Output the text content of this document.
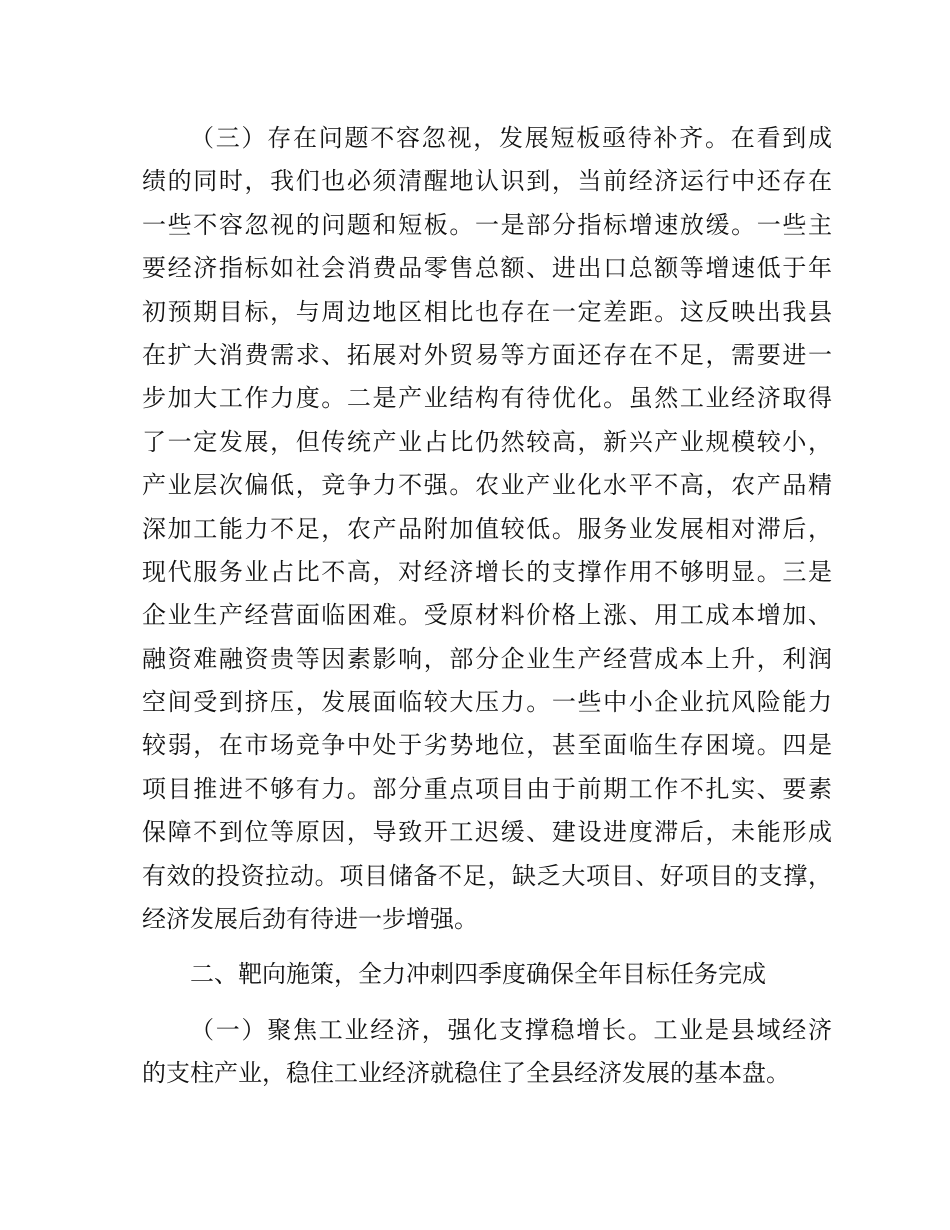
（三）存在问题不容忽视，发展短板亟待补齐。在看到成
绩的同时，我们也必须清醒地认识到，当前经济运行中还存在
一些不容忽视的问题和短板。一是部分指标增速放缓。一些主
要经济指标如社会消费品零售总额、进出口总额等增速低于年
初预期目标，与周边地区相比也存在一定差距。这反映出我县
在扩大消费需求、拓展对外贸易等方面还存在不足，需要进一
步加大工作力度。二是产业结构有待优化。虽然工业经济取得
了一定发展，但传统产业占比仍然较高，新兴产业规模较小，
产业层次偏低，竞争力不强。农业产业化水平不高，农产品精
深加工能力不足，农产品附加值较低。服务业发展相对滞后，
现代服务业占比不高，对经济增长的支撑作用不够明显。三是
企业生产经营面临困难。受原材料价格上涨、用工成本增加、
融资难融资贵等因素影响，部分企业生产经营成本上升，利润
空间受到挤压，发展面临较大压力。一些中小企业抗风险能力
较弱，在市场竞争中处于劣势地位，甚至面临生存困境。四是
项目推进不够有力。部分重点项目由于前期工作不扎实、要素
保障不到位等原因，导致开工迟缓、建设进度滞后，未能形成
有效的投资拉动。项目储备不足，缺乏大项目、好项目的支撑，
经济发展后劲有待进一步增强。
二、靶向施策，全力冲刺四季度确保全年目标任务完成
（一）聚焦工业经济，强化支撑稳增长。工业是县域经济
的支柱产业，稳住工业经济就稳住了全县经济发展的基本盘。
